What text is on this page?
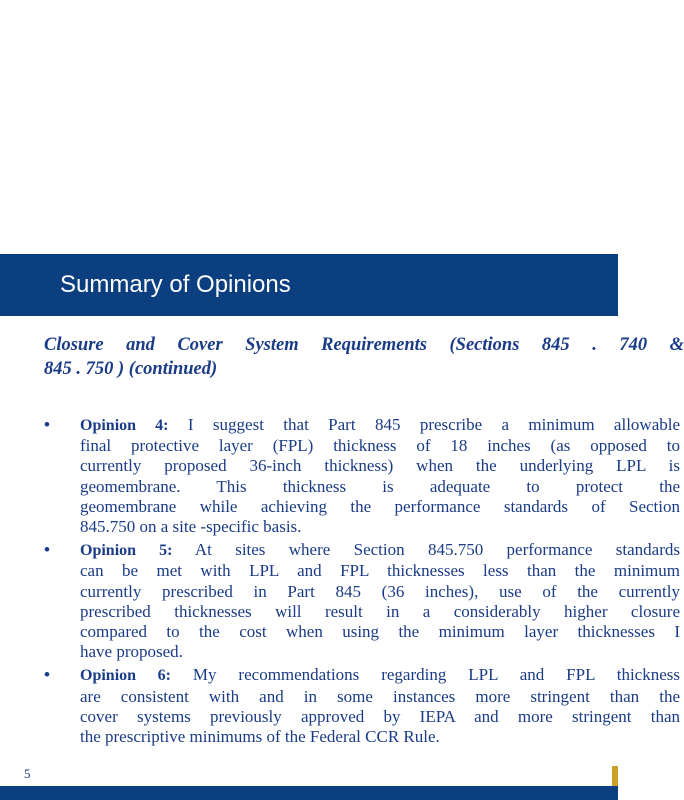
Summary of Opinions
Closure and Cover System Requirements (Sections 845 . 740 &
845 . 750 ) (continued)
• Opinion 4: I suggest that Part 845 prescribe a minimum allowable
final protective layer (FPL) thickness of 18 inches (as opposed to
currently proposed 36-inch thickness) when the underlying LPL is
geomembrane. This thickness is adequate to protect the
geomembrane while achieving the performance standards of Section
845.750 on a site -specific basis.
• Opinion 5: At sites where Section 845.750 performance standards
can be met with LPL and FPL thicknesses less than the minimum
currently prescribed in Part 845 (36 inches), use of the currently
prescribed thicknesses will result in a considerably higher closure
compared to the cost when using the minimum layer thicknesses I
have proposed.
• Opinion 6: My recommendations regarding LPL and FPL thickness
are consistent with and in some instances more stringent than the
cover systems previously approved by IEPA and more stringent than
the prescriptive minimums of the Federal CCR Rule.
5
